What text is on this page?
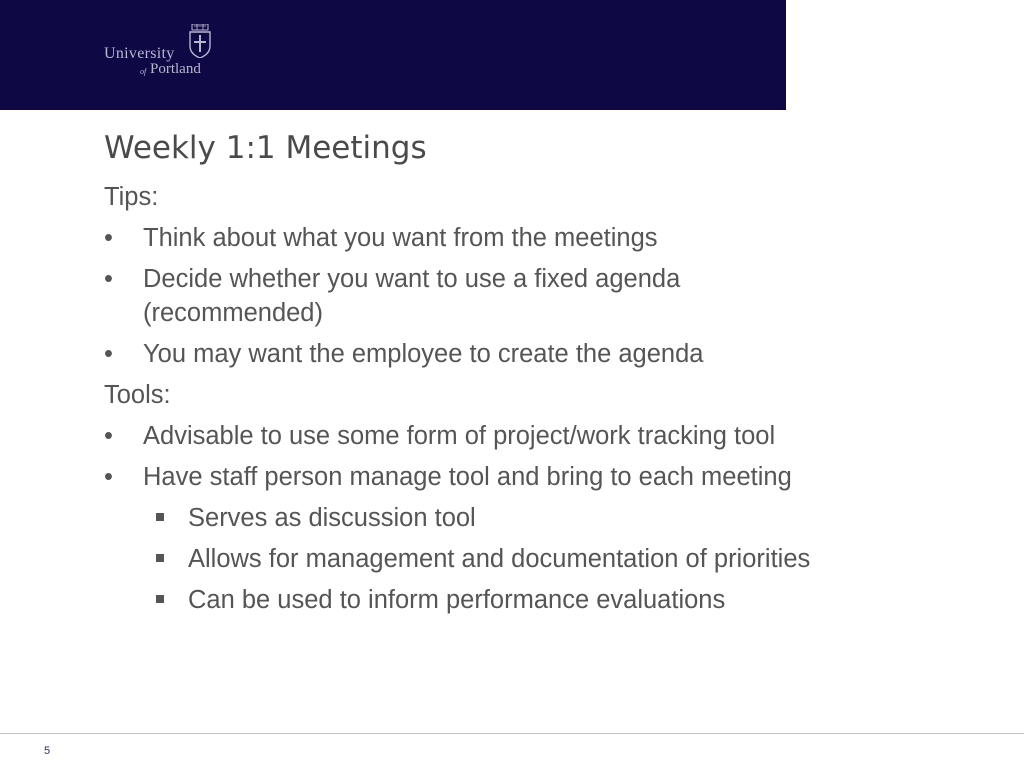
University
of Portland
Weekly 1:1 Meetings
Tips:
• Think about what you want from the meetings
• Decide whether you want to use a fixed agenda (recommended)
• You may want the employee to create the agenda
Tools:
• Advisable to use some form of project/work tracking tool
• Have staff person manage tool and bring to each meeting
Serves as discussion tool
Allows for management and documentation of priorities
Can be used to inform performance evaluations
5
